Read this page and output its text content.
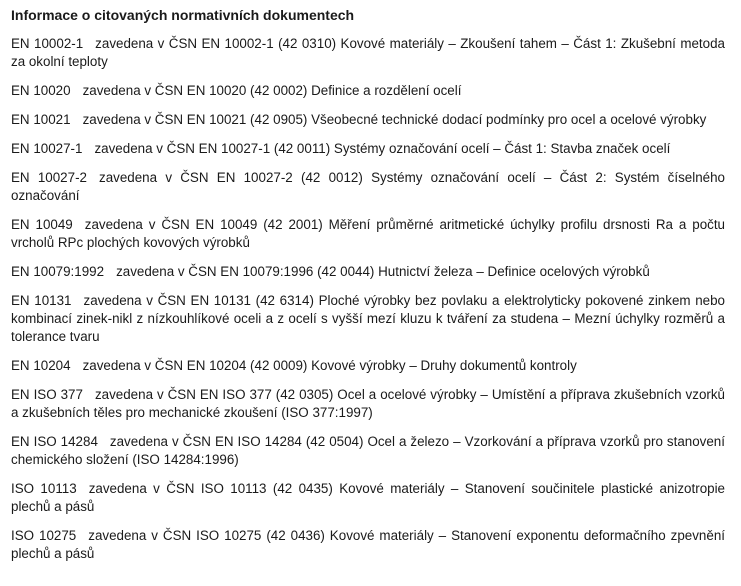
Informace o citovaných normativních dokumentech
EN 10002-1 zavedena v ČSN EN 10002-1 (42 0310) Kovové materiály – Zkoušení tahem – Část 1: Zkušební metoda za okolní teploty
EN 10020 zavedena v ČSN EN 10020 (42 0002) Definice a rozdělení ocelí
EN 10021 zavedena v ČSN EN 10021 (42 0905) Všeobecné technické dodací podmínky pro ocel a ocelové výrobky
EN 10027-1 zavedena v ČSN EN 10027-1 (42 0011) Systémy označování ocelí – Část 1: Stavba značek ocelí
EN 10027-2 zavedena v ČSN EN 10027-2 (42 0012) Systémy označování ocelí – Část 2: Systém číselného označování
EN 10049 zavedena v ČSN EN 10049 (42 2001) Měření průměrné aritmetické úchylky profilu drsnosti Ra a počtu vrcholů RPc plochých kovových výrobků
EN 10079:1992 zavedena v ČSN EN 10079:1996 (42 0044) Hutnictví železa – Definice ocelových výrobků
EN 10131 zavedena v ČSN EN 10131 (42 6314) Ploché výrobky bez povlaku a elektrolyticky pokovené zinkem nebo kombinací zinek-nikl z nízkouhlíkové oceli a z ocelí s vyšší mezí kluzu k tváření za studena – Mezní úchylky rozměrů a tolerance tvaru
EN 10204 zavedena v ČSN EN 10204 (42 0009) Kovové výrobky – Druhy dokumentů kontroly
EN ISO 377 zavedena v ČSN EN ISO 377 (42 0305) Ocel a ocelové výrobky – Umístění a příprava zkušebních vzorků a zkušebních těles pro mechanické zkoušení (ISO 377:1997)
EN ISO 14284 zavedena v ČSN EN ISO 14284 (42 0504) Ocel a železo – Vzorkování a příprava vzorků pro stanovení chemického složení (ISO 14284:1996)
ISO 10113 zavedena v ČSN ISO 10113 (42 0435) Kovové materiály – Stanovení součinitele plastické anizotropie plechů a pásů
ISO 10275 zavedena v ČSN ISO 10275 (42 0436) Kovové materiály – Stanovení exponentu deformačního zpevnění plechů a pásů
